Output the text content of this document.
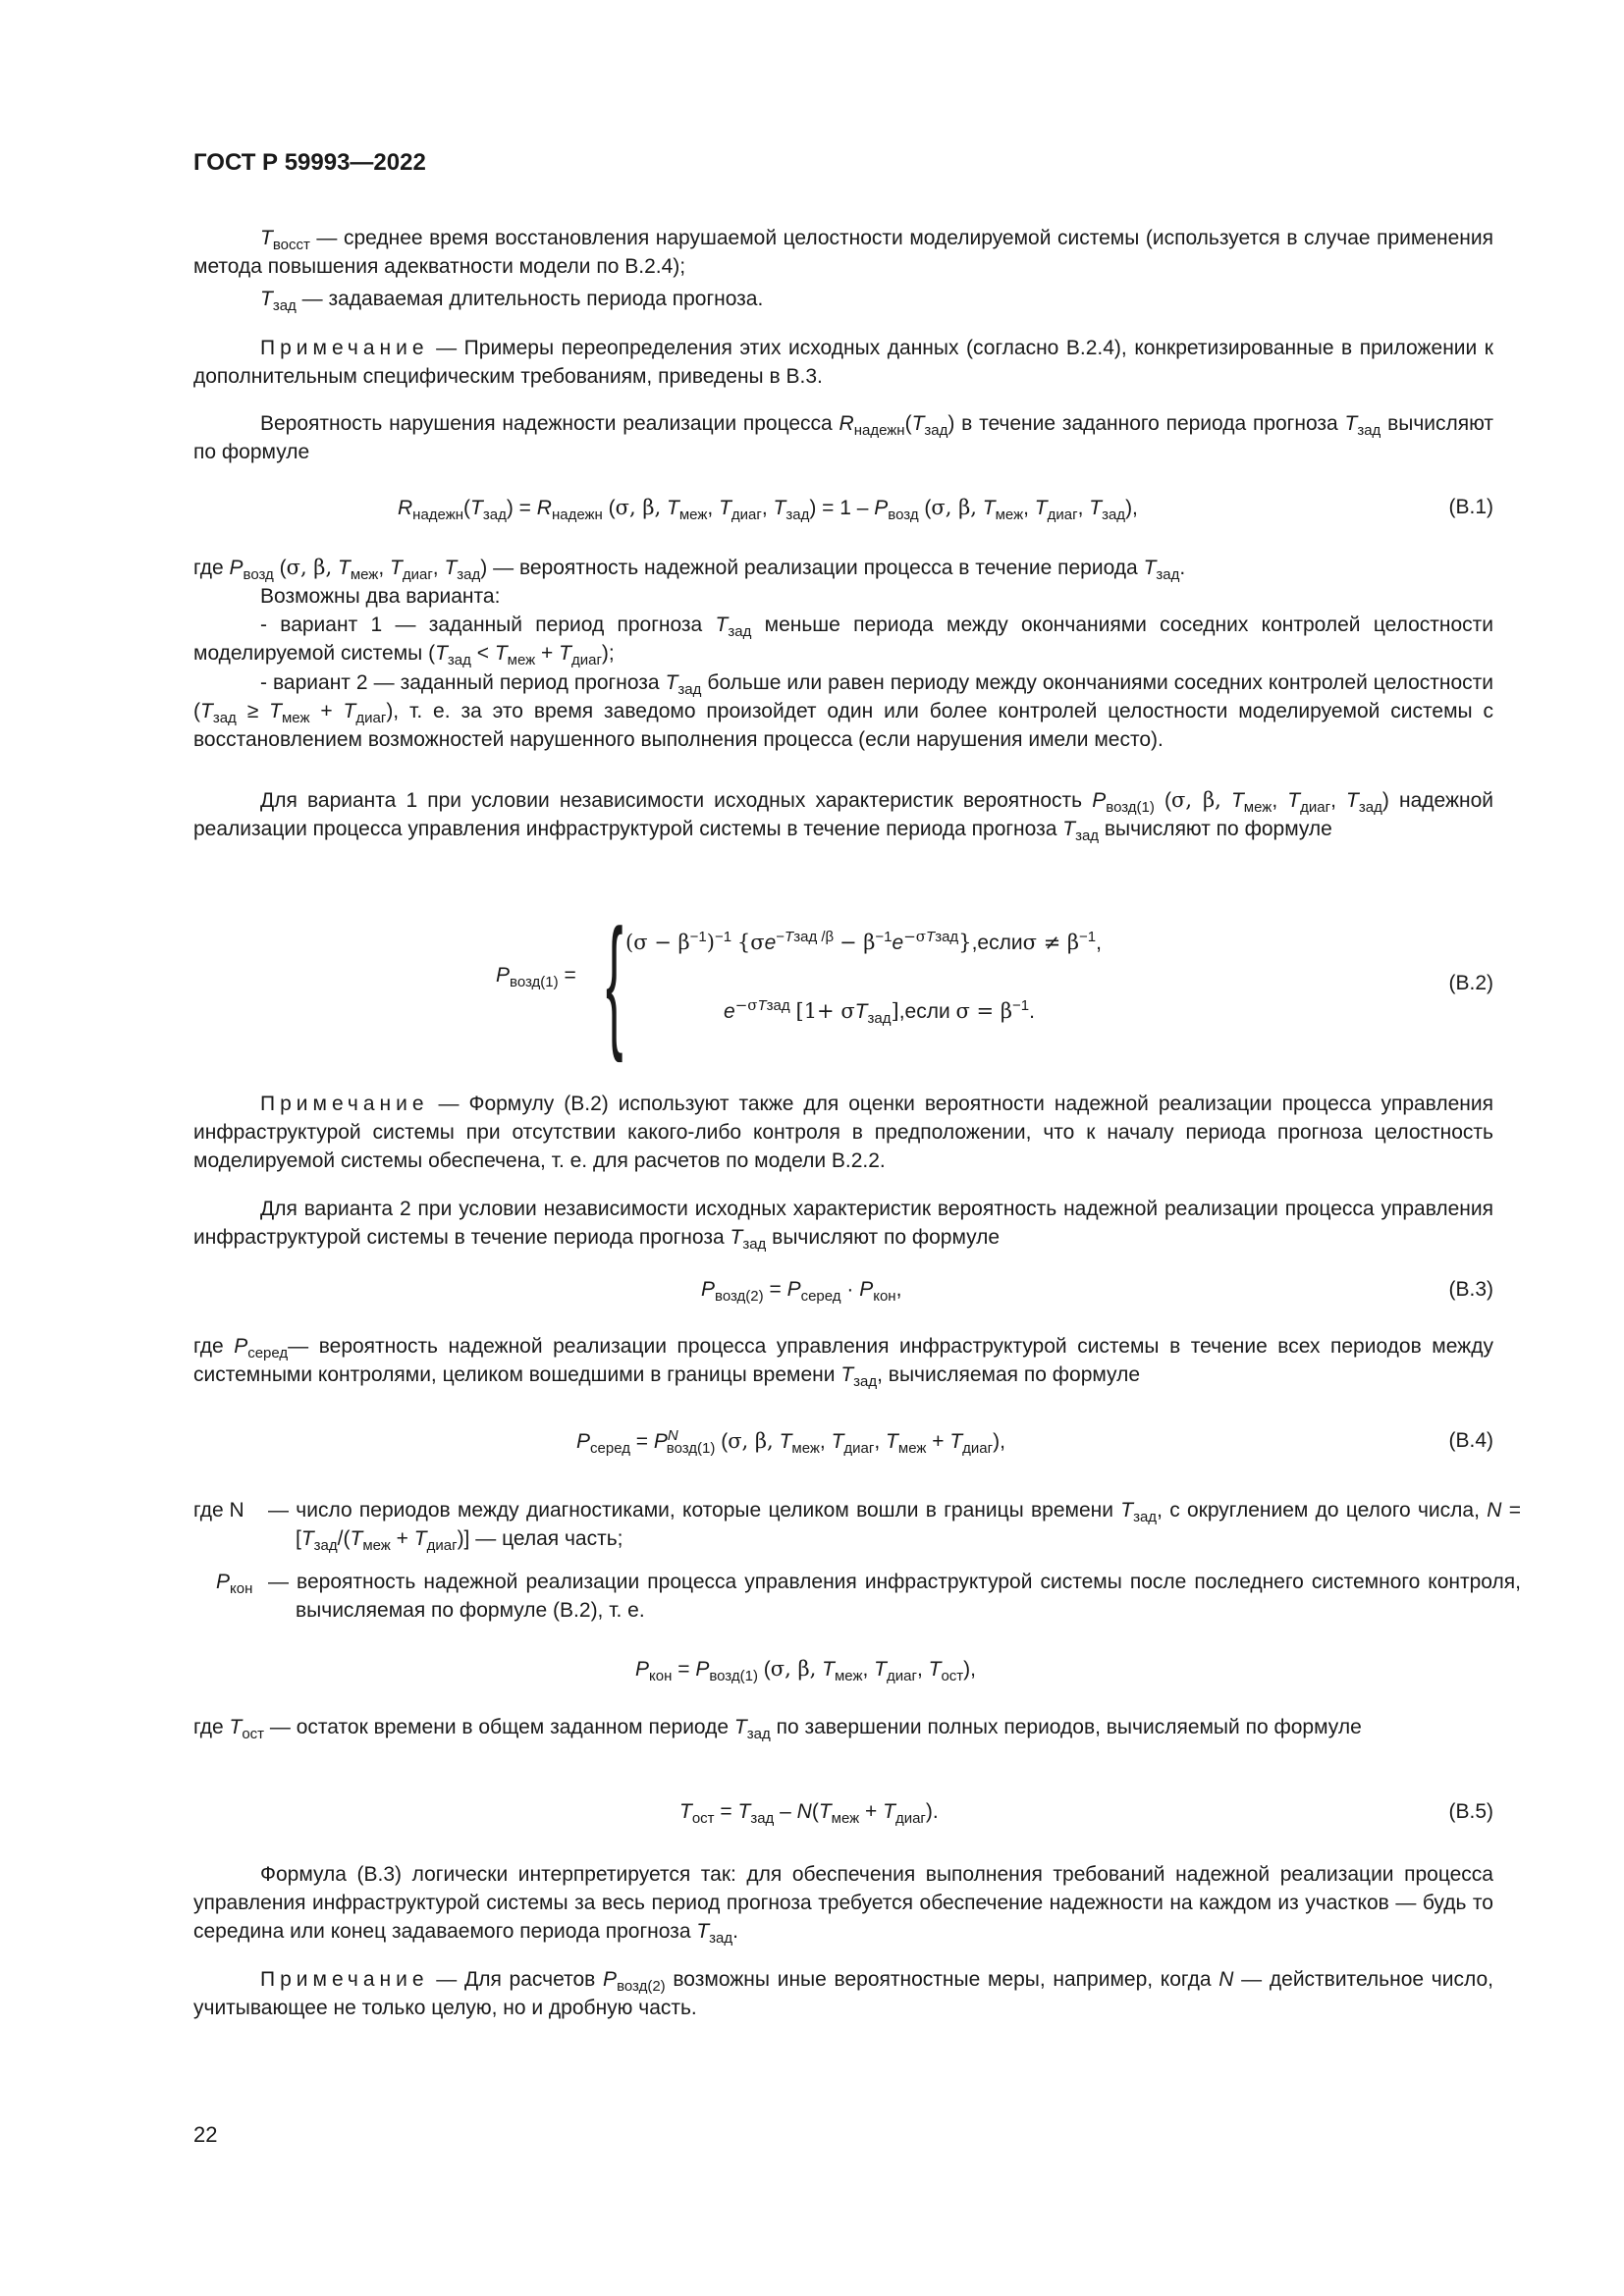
ГОСТ Р 59993—2022
$T_{восст}$ — среднее время восстановления нарушаемой целостности моделируемой системы (используется в случае применения метода повышения адекватности модели по В.2.4);
$T_{зад}$ — задаваемая длительность периода прогноза.
Примечание — Примеры переопределения этих исходных данных (согласно В.2.4), конкретизированные в приложении к дополнительным специфическим требованиям, приведены в В.3.
Вероятность нарушения надежности реализации процесса $R_{надежн}(T_{зад})$ в течение заданного периода прогноза $T_{зад}$ вычисляют по формуле
$R_{надежн}(T_{зад}) = R_{надежн}$ (σ, β, $T_{меж}$, $T_{диаг}$, $T_{зад}) = 1 - P_{возд}$ (σ, β, $T_{меж}$, $T_{диаг}$, $T_{зад}$),	(В.1)
где $P_{возд}$ (σ, β, $T_{меж}$, $T_{диаг}$, $T_{зад}$) — вероятность надежной реализации процесса в течение периода $T_{зад}$.
Возможны два варианта:
- вариант 1 — заданный период прогноза $T_{зад}$ меньше периода между окончаниями соседних контролей целостности моделируемой системы $(T_{зад} < T_{меж} + T_{диаг})$;
- вариант 2 — заданный период прогноза $T_{зад}$ больше или равен периоду между окончаниями соседних контролей целостности $(T_{зад} \ge T_{меж} + T_{диаг})$, т. е. за это время заведомо произойдет один или более контролей целостности моделируемой системы с восстановлением возможностей нарушенного выполнения процесса (если нарушения имели место).
Для варианта 1 при условии независимости исходных характеристик вероятность $P_{возд(1)}$ (σ, β, $T_{меж}$, $T_{диаг}$, $T_{зад}$) надежной реализации процесса управления инфраструктурой системы в течение периода прогноза $T_{зад}$ вычисляют по формуле
$P_{возд(1)}$ = { $(\sigma - \beta^{-1})^{-1}$ {$\sigma e^{-Tзад /\beta}$ − $\beta^{-1}e^{-\sigma Tзад}\},если\sigma \ne \beta^{-1}$,
$e^{-\sigma Tзад}$ $[1+ \sigma T_{зад}],если$ $\sigma = \beta^{-1}$.
(В.2)
Примечание — Формулу (В.2) используют также для оценки вероятности надежной реализации процесса управления инфраструктурой системы при отсутствии какого-либо контроля в предположении, что к началу периода прогноза целостность моделируемой системы обеспечена, т. е. для расчетов по модели В.2.2.
Для варианта 2 при условии независимости исходных характеристик вероятность надежной реализации процесса управления инфраструктурой системы в течение периода прогноза $T_{зад}$ вычисляют по формуле
$P_{возд(2)} = P_{серед} \cdot P_{кон}$,	(В.3)
где $P_{серед}—$ вероятность надежной реализации процесса управления инфраструктурой системы в течение всех периодов между системными контролями, целиком вошедшими в границы времени $T_{зад}$, вычисляемая по формуле
$P_{серед} = P^N_{возд(1)}$ (σ, β, $T_{меж}$, $T_{диаг}$, $T_{меж} + T_{диаг}$),	(В.4)
где N — число периодов между диагностиками, которые целиком вошли в границы времени $T_{зад}$, с округлением до целого числа, $N = [T_{зад}/(T_{меж} + T_{диаг})]$ — целая часть;
$P_{кон}$ — вероятность надежной реализации процесса управления инфраструктурой системы после последнего системного контроля, вычисляемая по формуле (В.2), т. е.
$P_{кон} = P_{возд(1)}$ (σ, β, $T_{меж}$, $T_{диаг}$, $T_{ост}$),
где $T_{ост}$ — остаток времени в общем заданном периоде $T_{зад}$ по завершении полных периодов, вычисляемый по формуле
$T_{ост} = T_{зад} - N(T_{меж} + T_{диаг})$.	(В.5)
Формула (В.3) логически интерпретируется так: для обеспечения выполнения требований надежной реализации процесса управления инфраструктурой системы за весь период прогноза требуется обеспечение надежности на каждом из участков — будь то середина или конец задаваемого периода прогноза $T_{зад}$.
Примечание — Для расчетов $P_{возд(2)}$ возможны иные вероятностные меры, например, когда N — действительное число, учитывающее не только целую, но и дробную часть.
22
